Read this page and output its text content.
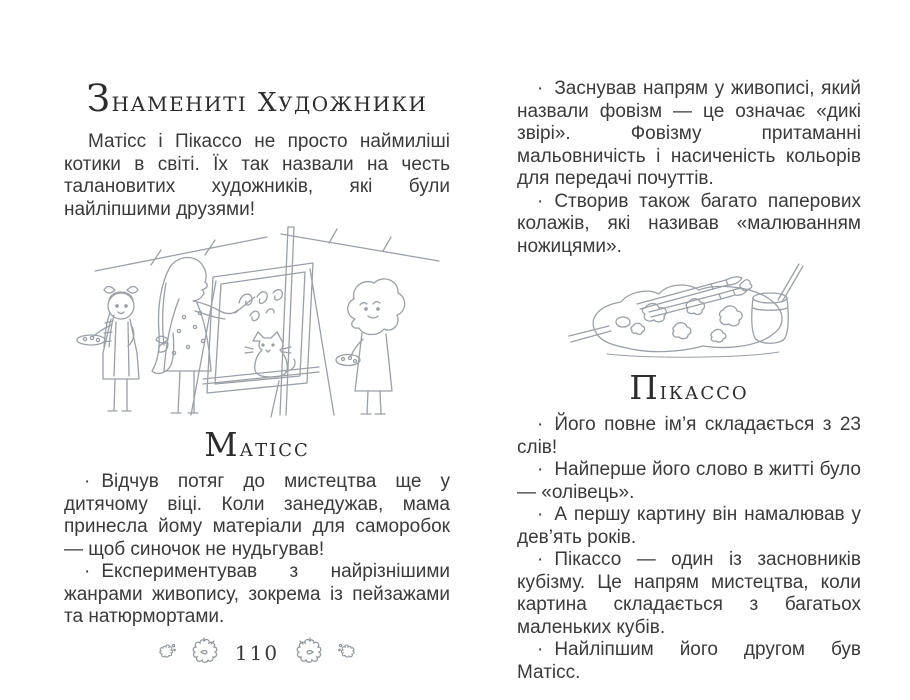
Знамениті художники

Матісс і Пікассо не просто наймиліші котики в світі. Їх так назвали на честь талановитих художників, які були найліпшими друзями!

Матісс

· Відчув потяг до мистецтва ще у дитячому віці. Коли занедужав, мама принесла йому матеріали для саморобок — щоб синочок не нудьгував!

· Експериментував з найрізнішими жанрами живопису, зокрема із пейзажами та натюрмортами.

110

· Заснував напрям у живописі, який назвали фовізм — це означає «дикі звірі». Фовізму притаманні мальовничість і насиченість кольорів для передачі почуттів.

· Створив також багато паперових колажів, які називав «малюванням ножицями».

Пікассо

· Його повне ім’я складається з 23 слів!

· Найперше його слово в житті було — «олівець».

· А першу картину він намалював у дев’ять років.

· Пікассо — один із засновників кубізму. Це напрям мистецтва, коли картина складається з багатьох маленьких кубів.

· Найліпшим його другом був Матісс.
